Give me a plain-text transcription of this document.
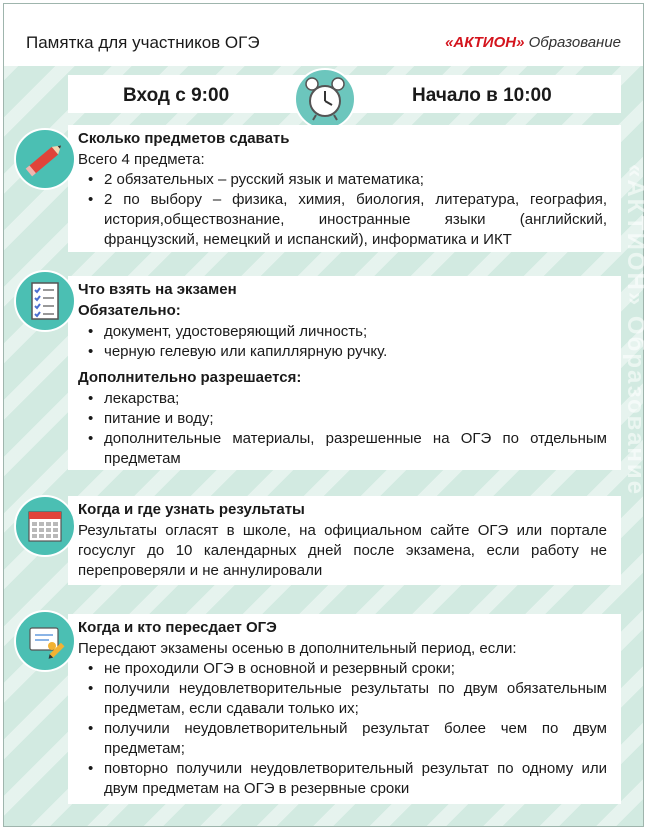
«АКТИОН» Образование
Памятка для участников ОГЭ	«АКТИОН» Образование
Вход с 9:00	Начало в 10:00
Сколько предметов сдавать

Всего 4 предмета:

• 2 обязательных – русский язык и математика;
• 2 по выбору – физика, химия, биология, литература, география, история,обществознание, иностранные языки (английский, французский, немецкий и испанский), информатика и ИКТ
Что взять на экзамен

Обязательно:

• документ, удостоверяющий личность;
• черную гелевую или капиллярную ручку.

Дополнительно разрешается:

• лекарства;
• питание и воду;
• дополнительные материалы, разрешенные на ОГЭ по отдельным предметам
Когда и где узнать результаты

Результаты огласят в школе, на официальном сайте ОГЭ или портале госуслуг до 10 календарных дней после экзамена, если работу не перепроверяли и не аннулировали

Когда и кто пересдает ОГЭ

Пересдают экзамены осенью в дополнительный период, если:

• не проходили ОГЭ в основной и резервный сроки;
• получили неудовлетворительные результаты по двум обязательным предметам, если сдавали только их;
• получили неудовлетворительный результат более чем по двум предметам;
• повторно получили неудовлетворительный результат по одному или двум предметам на ОГЭ в резервные сроки
